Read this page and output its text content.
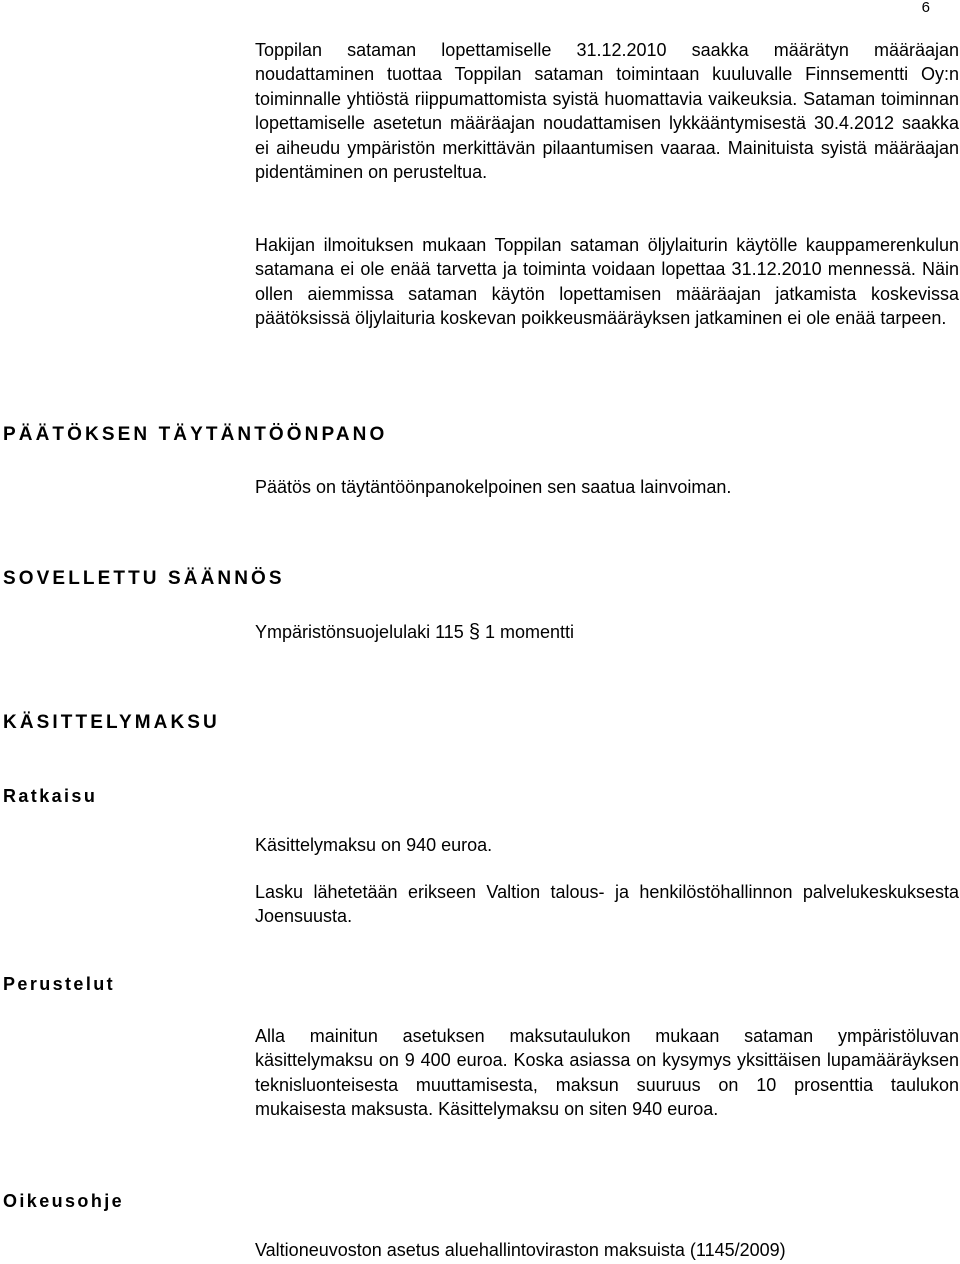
6

Toppilan sataman lopettamiselle 31.12.2010 saakka määrätyn määräajan noudattaminen tuottaa Toppilan sataman toimintaan kuuluvalle Finnsementti Oy:n toiminnalle yhtiöstä riippumattomista syistä huomattavia vaikeuksia. Sataman toiminnan lopettamiselle asetetun määräajan noudattamisen lykkääntymisestä 30.4.2012 saakka ei aiheudu ympäristön merkittävän pilaantumisen vaaraa. Mainituista syistä määräajan pidentäminen on perusteltua.

Hakijan ilmoituksen mukaan Toppilan sataman öljylaiturin käytölle kauppamerenkulun satamana ei ole enää tarvetta ja toiminta voidaan lopettaa 31.12.2010 mennessä. Näin ollen aiemmissa sataman käytön lopettamisen määräajan jatkamista koskevissa päätöksissä öljylaituria koskevan poikkeusmääräyksen jatkaminen ei ole enää tarpeen.

PÄÄTÖKSEN TÄYTÄNTÖÖNPANO

Päätös on täytäntöönpanokelpoinen sen saatua lainvoiman.

SOVELLETTU SÄÄNNÖS

Ympäristönsuojelulaki 115 § 1 momentti

KÄSITTELYMAKSU
Ratkaisu

Käsittelymaksu on 940 euroa.

Lasku lähetetään erikseen Valtion talous- ja henkilöstöhallinnon palvelukeskuksesta Joensuusta.

Perustelut

Alla mainitun asetuksen maksutaulukon mukaan sataman ympäristöluvan käsittelymaksu on 9 400 euroa. Koska asiassa on kysymys yksittäisen lupamääräyksen teknisluonteisesta muuttamisesta, maksun suuruus on 10 prosenttia taulukon mukaisesta maksusta. Käsittelymaksu on siten 940 euroa.

Oikeusohje

Valtioneuvoston asetus aluehallintoviraston maksuista (1145/2009)
